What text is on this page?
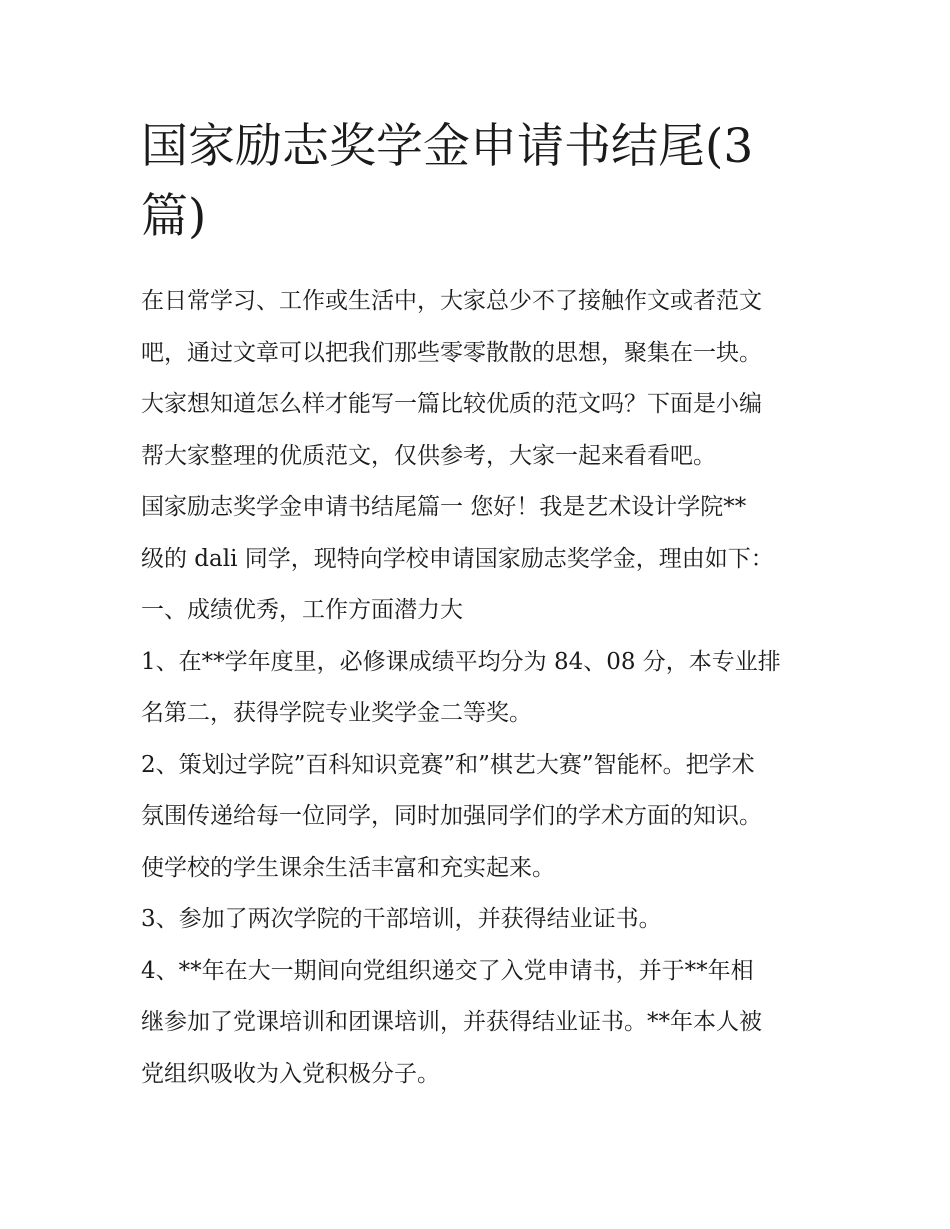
国家励志奖学金申请书结尾(3
篇)
在日常学习、工作或生活中，大家总少不了接触作文或者范文
吧，通过文章可以把我们那些零零散散的思想，聚集在一块。
大家想知道怎么样才能写一篇比较优质的范文吗？下面是小编
帮大家整理的优质范文，仅供参考，大家一起来看看吧。
国家励志奖学金申请书结尾篇一 您好！我是艺术设计学院**
级的 dali 同学，现特向学校申请国家励志奖学金，理由如下：
一、成绩优秀，工作方面潜力大
1、在**学年度里，必修课成绩平均分为 84、08 分，本专业排
名第二，获得学院专业奖学金二等奖。
2、策划过学院”百科知识竞赛”和”棋艺大赛”智能杯。把学术
氛围传递给每一位同学，同时加强同学们的学术方面的知识。
使学校的学生课余生活丰富和充实起来。
3、参加了两次学院的干部培训，并获得结业证书。
4、**年在大一期间向党组织递交了入党申请书，并于**年相
继参加了党课培训和团课培训，并获得结业证书。**年本人被
党组织吸收为入党积极分子。
